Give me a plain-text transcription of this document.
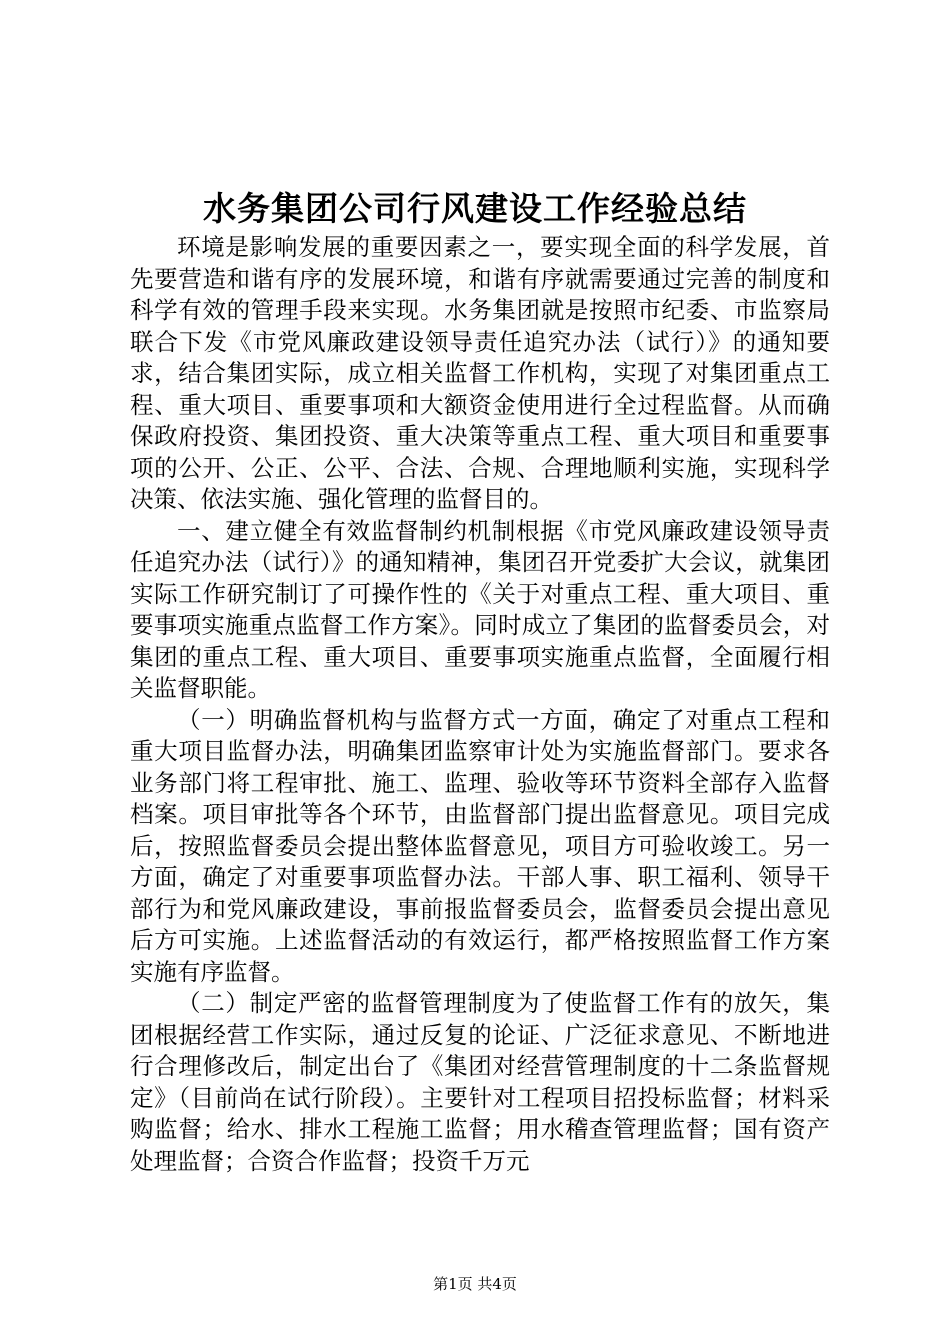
水务集团公司行风建设工作经验总结

环境是影响发展的重要因素之一，要实现全面的科学发展，首先要营造和谐有序的发展环境，和谐有序就需要通过完善的制度和科学有效的管理手段来实现。水务集团就是按照市纪委、市监察局联合下发《市党风廉政建设领导责任追究办法（试行）》的通知要求，结合集团实际，成立相关监督工作机构，实现了对集团重点工程、重大项目、重要事项和大额资金使用进行全过程监督。从而确保政府投资、集团投资、重大决策等重点工程、重大项目和重要事项的公开、公正、公平、合法、合规、合理地顺利实施，实现科学决策、依法实施、强化管理的监督目的。

一、建立健全有效监督制约机制根据《市党风廉政建设领导责任追究办法（试行）》的通知精神，集团召开党委扩大会议，就集团实际工作研究制订了可操作性的《关于对重点工程、重大项目、重要事项实施重点监督工作方案》。同时成立了集团的监督委员会，对集团的重点工程、重大项目、重要事项实施重点监督，全面履行相关监督职能。

（一）明确监督机构与监督方式一方面，确定了对重点工程和重大项目监督办法，明确集团监察审计处为实施监督部门。要求各业务部门将工程审批、施工、监理、验收等环节资料全部存入监督档案。项目审批等各个环节，由监督部门提出监督意见。项目完成后，按照监督委员会提出整体监督意见，项目方可验收竣工。另一方面，确定了对重要事项监督办法。干部人事、职工福利、领导干部行为和党风廉政建设，事前报监督委员会，监督委员会提出意见后方可实施。上述监督活动的有效运行，都严格按照监督工作方案实施有序监督。

（二）制定严密的监督管理制度为了使监督工作有的放矢，集团根据经营工作实际，通过反复的论证、广泛征求意见、不断地进行合理修改后，制定出台了《集团对经营管理制度的十二条监督规定》（目前尚在试行阶段）。主要针对工程项目招投标监督；材料采购监督；给水、排水工程施工监督；用水稽查管理监督；国有资产处理监督；合资合作监督；投资千万元

第1页 共4页
